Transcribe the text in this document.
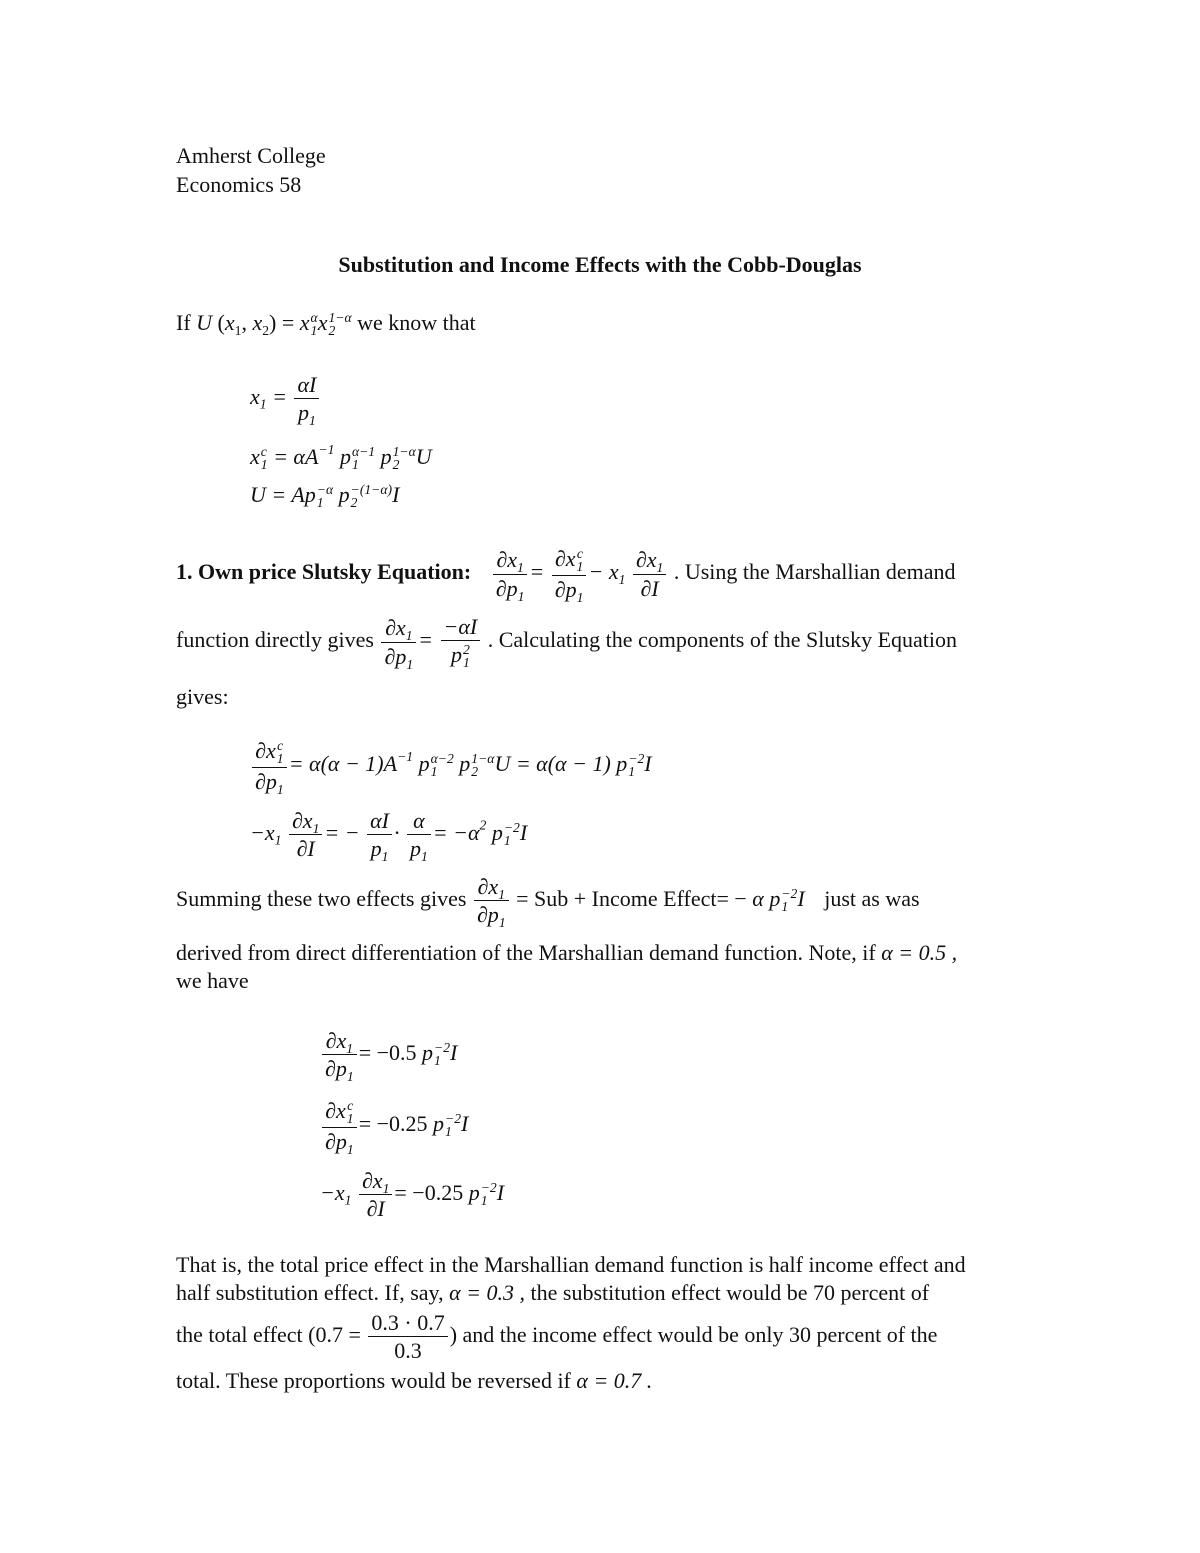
Amherst College
Economics 58
Substitution and Income Effects with the Cobb-Douglas
If U ($x_1$, $x_2) = x$ α
1 x 1−α
2 we know that
$x_1 = \frac{\alpha I}{p_1}$
x c
$1 = \alpha A^{-1}$ p α−1
1 p 1−α
2 U
U = Ap −α
1 p −(1−α)
2	I
1. Own price Slutsky Equation: $\frac{\partial x_1}{\partial p_1} = \partial x$ c
1
$\partial p_1 - x_1 \frac{\partial x_1}{\partial I}$ . Using the Marshallian demand
function directly gives $\frac{\partial x_1}{\partial p_1} = -\alpha I$
p 2
1 . Calculating the components of the Slutsky Equation
gives:
∂x c
1
$\partial p_1 = \alpha(\alpha - 1)A^{-1}$ p α−2
1 p 1−α
2 U = α(α − 1) p −2
1 I
$-x_1 \frac{\partial x_1}{\partial I}$ = − $\frac{\alpha I}{p_1} \cdot \frac{\alpha}{p_1} = -\alpha^2$ p −2
1 I
Summing these two effects gives $\frac{\partial x_1}{\partial p_1}$ = Sub + Income Effect= − α p −2
1 I just as was
derived from direct differentiation of the Marshallian demand function. Note, if α = 0.5 ,
we have
$\frac{\partial x_1}{\partial p_1} = -0.5$ p −2
1 I
∂x c
1
$\partial p_1 = -0.25$ p −2
1 I
$-x_1 \frac{\partial x_1}{\partial I} = -0.25$ p −2
1 I
That is, the total price effect in the Marshallian demand function is half income effect and
half substitution effect. If, say, α = 0.3 , the substitution effect would be 70 percent of
the total effect ($0.7 = \frac{0.3 \cdot 0.7}{0.3}$ ) and the income effect would be only 30 percent of the
total. These proportions would be reversed if α = 0.7 .
